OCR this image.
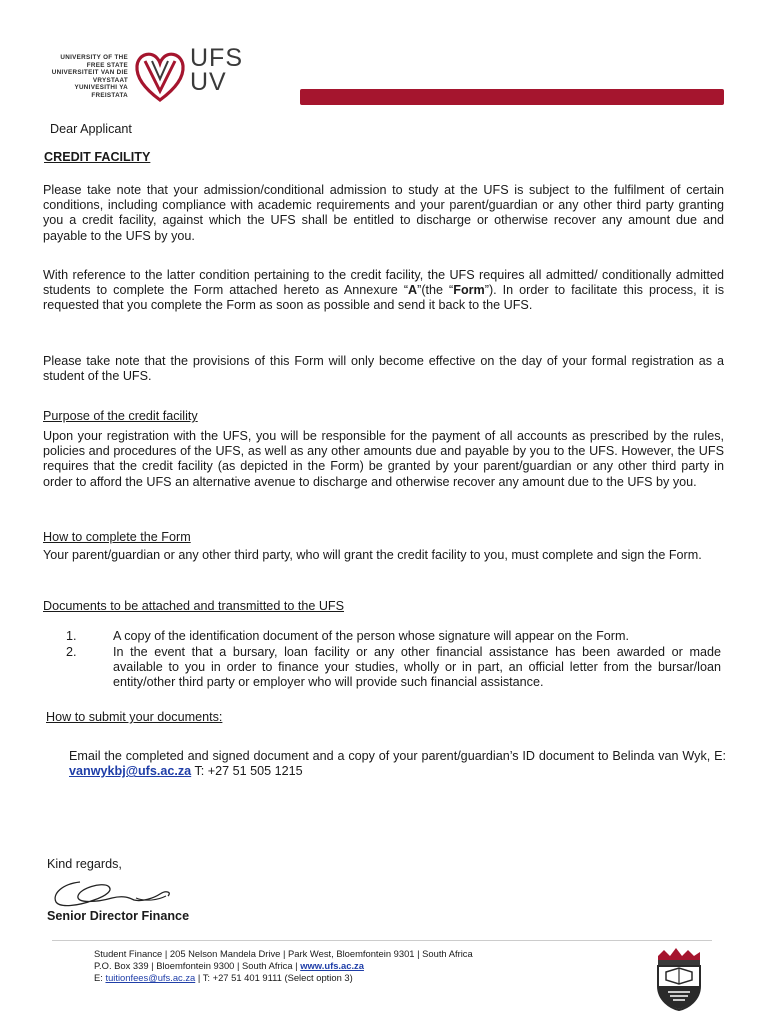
UNIVERSITY OF THE
FREE STATE
UNIVERSITEIT VAN DIE
VRYSTAAT
YUNIVESITHI YA
FREISTATA
UFS
UV
Dear Applicant
CREDIT FACILITY
Please take note that your admission/conditional admission to study at the UFS is subject to the fulfilment of certain conditions, including compliance with academic requirements and your parent/guardian or any other third party granting you a credit facility, against which the UFS shall be entitled to discharge or otherwise recover any amount due and payable to the UFS by you.
With reference to the latter condition pertaining to the credit facility, the UFS requires all admitted/ conditionally admitted students to complete the Form attached hereto as Annexure “A”(the “Form”). In order to facilitate this process, it is requested that you complete the Form as soon as possible and send it back to the UFS.
Please take note that the provisions of this Form will only become effective on the day of your formal registration as a student of the UFS.
Purpose of the credit facility
Upon your registration with the UFS, you will be responsible for the payment of all accounts as prescribed by the rules, policies and procedures of the UFS, as well as any other amounts due and payable by you to the UFS. However, the UFS requires that the credit facility (as depicted in the Form) be granted by your parent/guardian or any other third party in order to afford the UFS an alternative avenue to discharge and otherwise recover any amount due to the UFS by you.
How to complete the Form
Your parent/guardian or any other third party, who will grant the credit facility to you, must complete and sign the Form.
Documents to be attached and transmitted to the UFS
1.	A copy of the identification document of the person whose signature will appear on the Form.
2.	In the event that a bursary, loan facility or any other financial assistance has been awarded or made available to you in order to finance your studies, wholly or in part, an official letter from the bursar/loan entity/other third party or employer who will provide such financial assistance.
How to submit your documents:
Email the completed and signed document and a copy of your parent/guardian’s ID document to Belinda van Wyk, E: vanwykbj@ufs.ac.za T: +27 51 505 1215
Kind regards,
Senior Director Finance
Student Finance | 205 Nelson Mandela Drive | Park West, Bloemfontein 9301 | South Africa
P.O. Box 339 | Bloemfontein 9300 | South Africa | www.ufs.ac.za
E: tuitionfees@ufs.ac.za | T: +27 51 401 9111 (Select option 3)
